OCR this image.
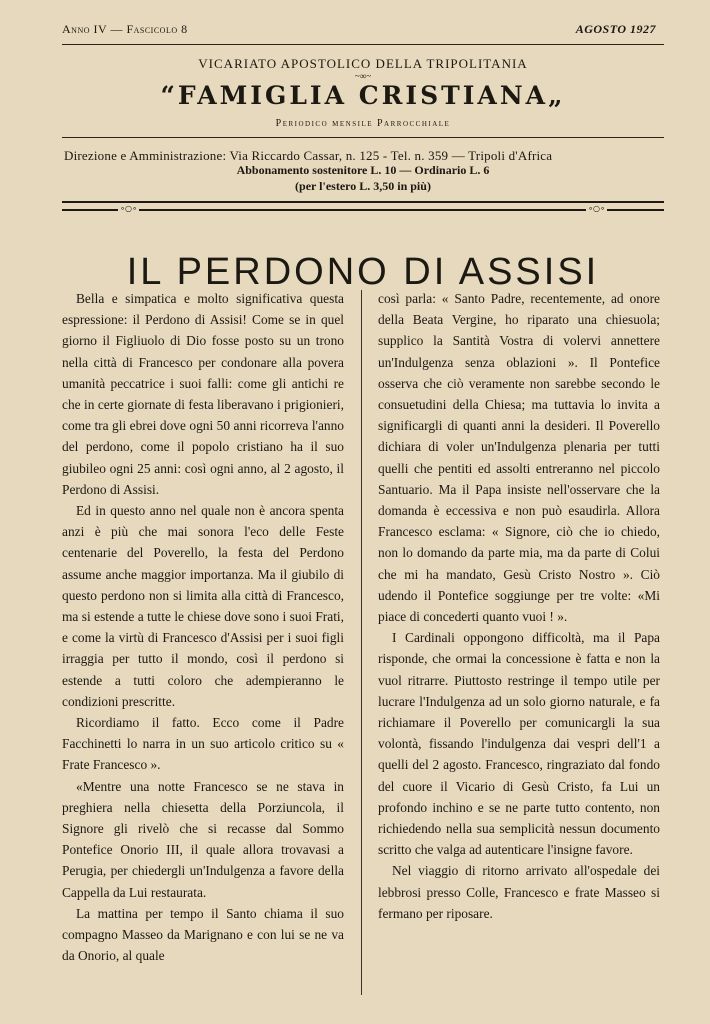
Anno IV — Fascicolo 8	AGOSTO 1927
VICARIATO APOSTOLICO DELLA TRIPOLITANIA
~∞~
“FAMIGLIA CRISTIANA„
Periodico mensile Parrocchiale
Direzione e Amministrazione: Via Riccardo Cassar, n. 125 - Tel. n. 359 — Tripoli d'Africa
Abbonamento sostenitore L. 10 — Ordinario L. 6
(per l'estero L. 3,50 in più)
∘○∘	∘○∘
IL PERDONO DI ASSISI

Bella e simpatica e molto significativa questa espressione: il Perdono di Assisi! Come se in quel giorno il Figliuolo di Dio fosse posto su un trono nella città di Francesco per condonare alla povera umanità peccatrice i suoi falli: come gli antichi re che in certe giornate di festa liberavano i prigionieri, come tra gli ebrei dove ogni 50 anni ricorreva l'anno del perdono, come il popolo cristiano ha il suo giubileo ogni 25 anni: così ogni anno, al 2 agosto, il Perdono di Assisi.

Ed in questo anno nel quale non è ancora spenta anzi è più che mai sonora l'eco delle Feste centenarie del Poverello, la festa del Perdono assume anche maggior importanza. Ma il giubilo di questo perdono non si limita alla città di Francesco, ma si estende a tutte le chiese dove sono i suoi Frati, e come la virtù di Francesco d'Assisi per i suoi figli irraggia per tutto il mondo, così il perdono si estende a tutti coloro che adempieranno le condizioni prescritte.

Ricordiamo il fatto. Ecco come il Padre Facchinetti lo narra in un suo articolo critico su « Frate Francesco ».

«Mentre una notte Francesco se ne stava in preghiera nella chiesetta della Porziuncola, il Signore gli rivelò che si recasse dal Sommo Pontefice Onorio III, il quale allora trovavasi a Perugia, per chiedergli un'Indulgenza a favore della Cappella da Lui restaurata.

La mattina per tempo il Santo chiama il suo compagno Masseo da Marignano e con lui se ne va da Onorio, al quale

così parla: « Santo Padre, recentemente, ad onore della Beata Vergine, ho riparato una chiesuola; supplico la Santità Vostra di volervi annettere un'Indulgenza senza oblazioni ». Il Pontefice osserva che ciò veramente non sarebbe secondo le consuetudini della Chiesa; ma tuttavia lo invita a significargli di quanti anni la desideri. Il Poverello dichiara di voler un'Indulgenza plenaria per tutti quelli che pentiti ed assolti entreranno nel piccolo Santuario. Ma il Papa insiste nell'osservare che la domanda è eccessiva e non può esaudirla. Allora Francesco esclama: « Signore, ciò che io chiedo, non lo domando da parte mia, ma da parte di Colui che mi ha mandato, Gesù Cristo Nostro ». Ciò udendo il Pontefice soggiunge per tre volte: «Mi piace di concederti quanto vuoi ! ».

I Cardinali oppongono difficoltà, ma il Papa risponde, che ormai la concessione è fatta e non la vuol ritrarre. Piuttosto restringe il tempo utile per lucrare l'Indulgenza ad un solo giorno naturale, e fa richiamare il Poverello per comunicargli la sua volontà, fissando l'indulgenza dai vespri dell'1 a quelli del 2 agosto. Francesco, ringraziato dal fondo del cuore il Vicario di Gesù Cristo, fa Lui un profondo inchino e se ne parte tutto contento, non richiedendo nella sua semplicità nessun documento scritto che valga ad autenticare l'insigne favore.

Nel viaggio di ritorno arrivato all'ospedale dei lebbrosi presso Colle, Francesco e frate Masseo si fermano per riposare.
